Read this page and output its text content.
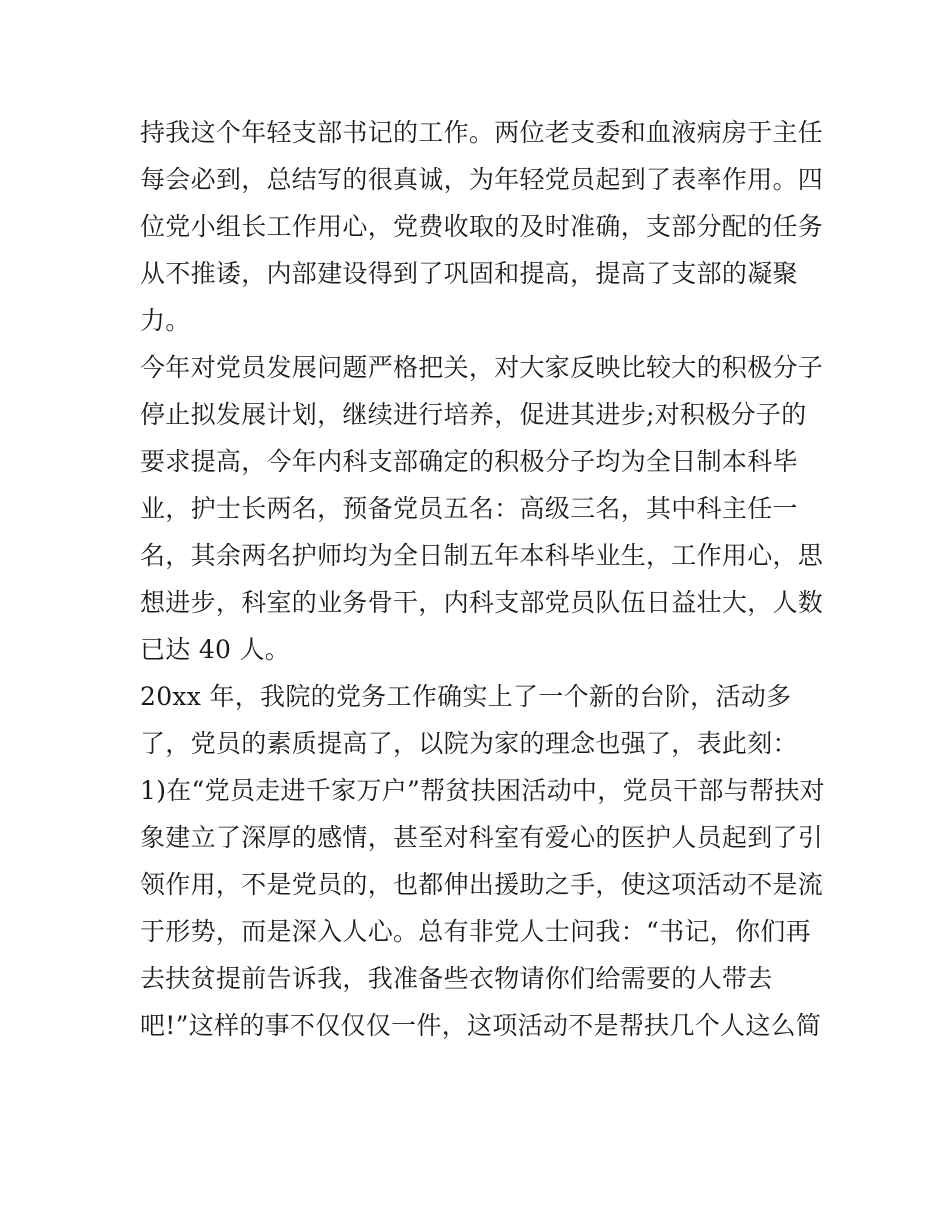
持我这个年轻支部书记的工作。两位老支委和血液病房于主任
每会必到，总结写的很真诚，为年轻党员起到了表率作用。四
位党小组长工作用心，党费收取的及时准确，支部分配的任务
从不推诿，内部建设得到了巩固和提高，提高了支部的凝聚
力。
今年对党员发展问题严格把关，对大家反映比较大的积极分子
停止拟发展计划，继续进行培养，促进其进步;对积极分子的
要求提高，今年内科支部确定的积极分子均为全日制本科毕
业，护士长两名，预备党员五名：高级三名，其中科主任一
名，其余两名护师均为全日制五年本科毕业生，工作用心，思
想进步，科室的业务骨干，内科支部党员队伍日益壮大，人数
已达 40 人。
20xx 年，我院的党务工作确实上了一个新的台阶，活动多
了，党员的素质提高了，以院为家的理念也强了，表此刻：
1)在“党员走进千家万户”帮贫扶困活动中，党员干部与帮扶对
象建立了深厚的感情，甚至对科室有爱心的医护人员起到了引
领作用，不是党员的，也都伸出援助之手，使这项活动不是流
于形势，而是深入人心。总有非党人士问我：“书记，你们再
去扶贫提前告诉我，我准备些衣物请你们给需要的人带去
吧!”这样的事不仅仅仅一件，这项活动不是帮扶几个人这么简
